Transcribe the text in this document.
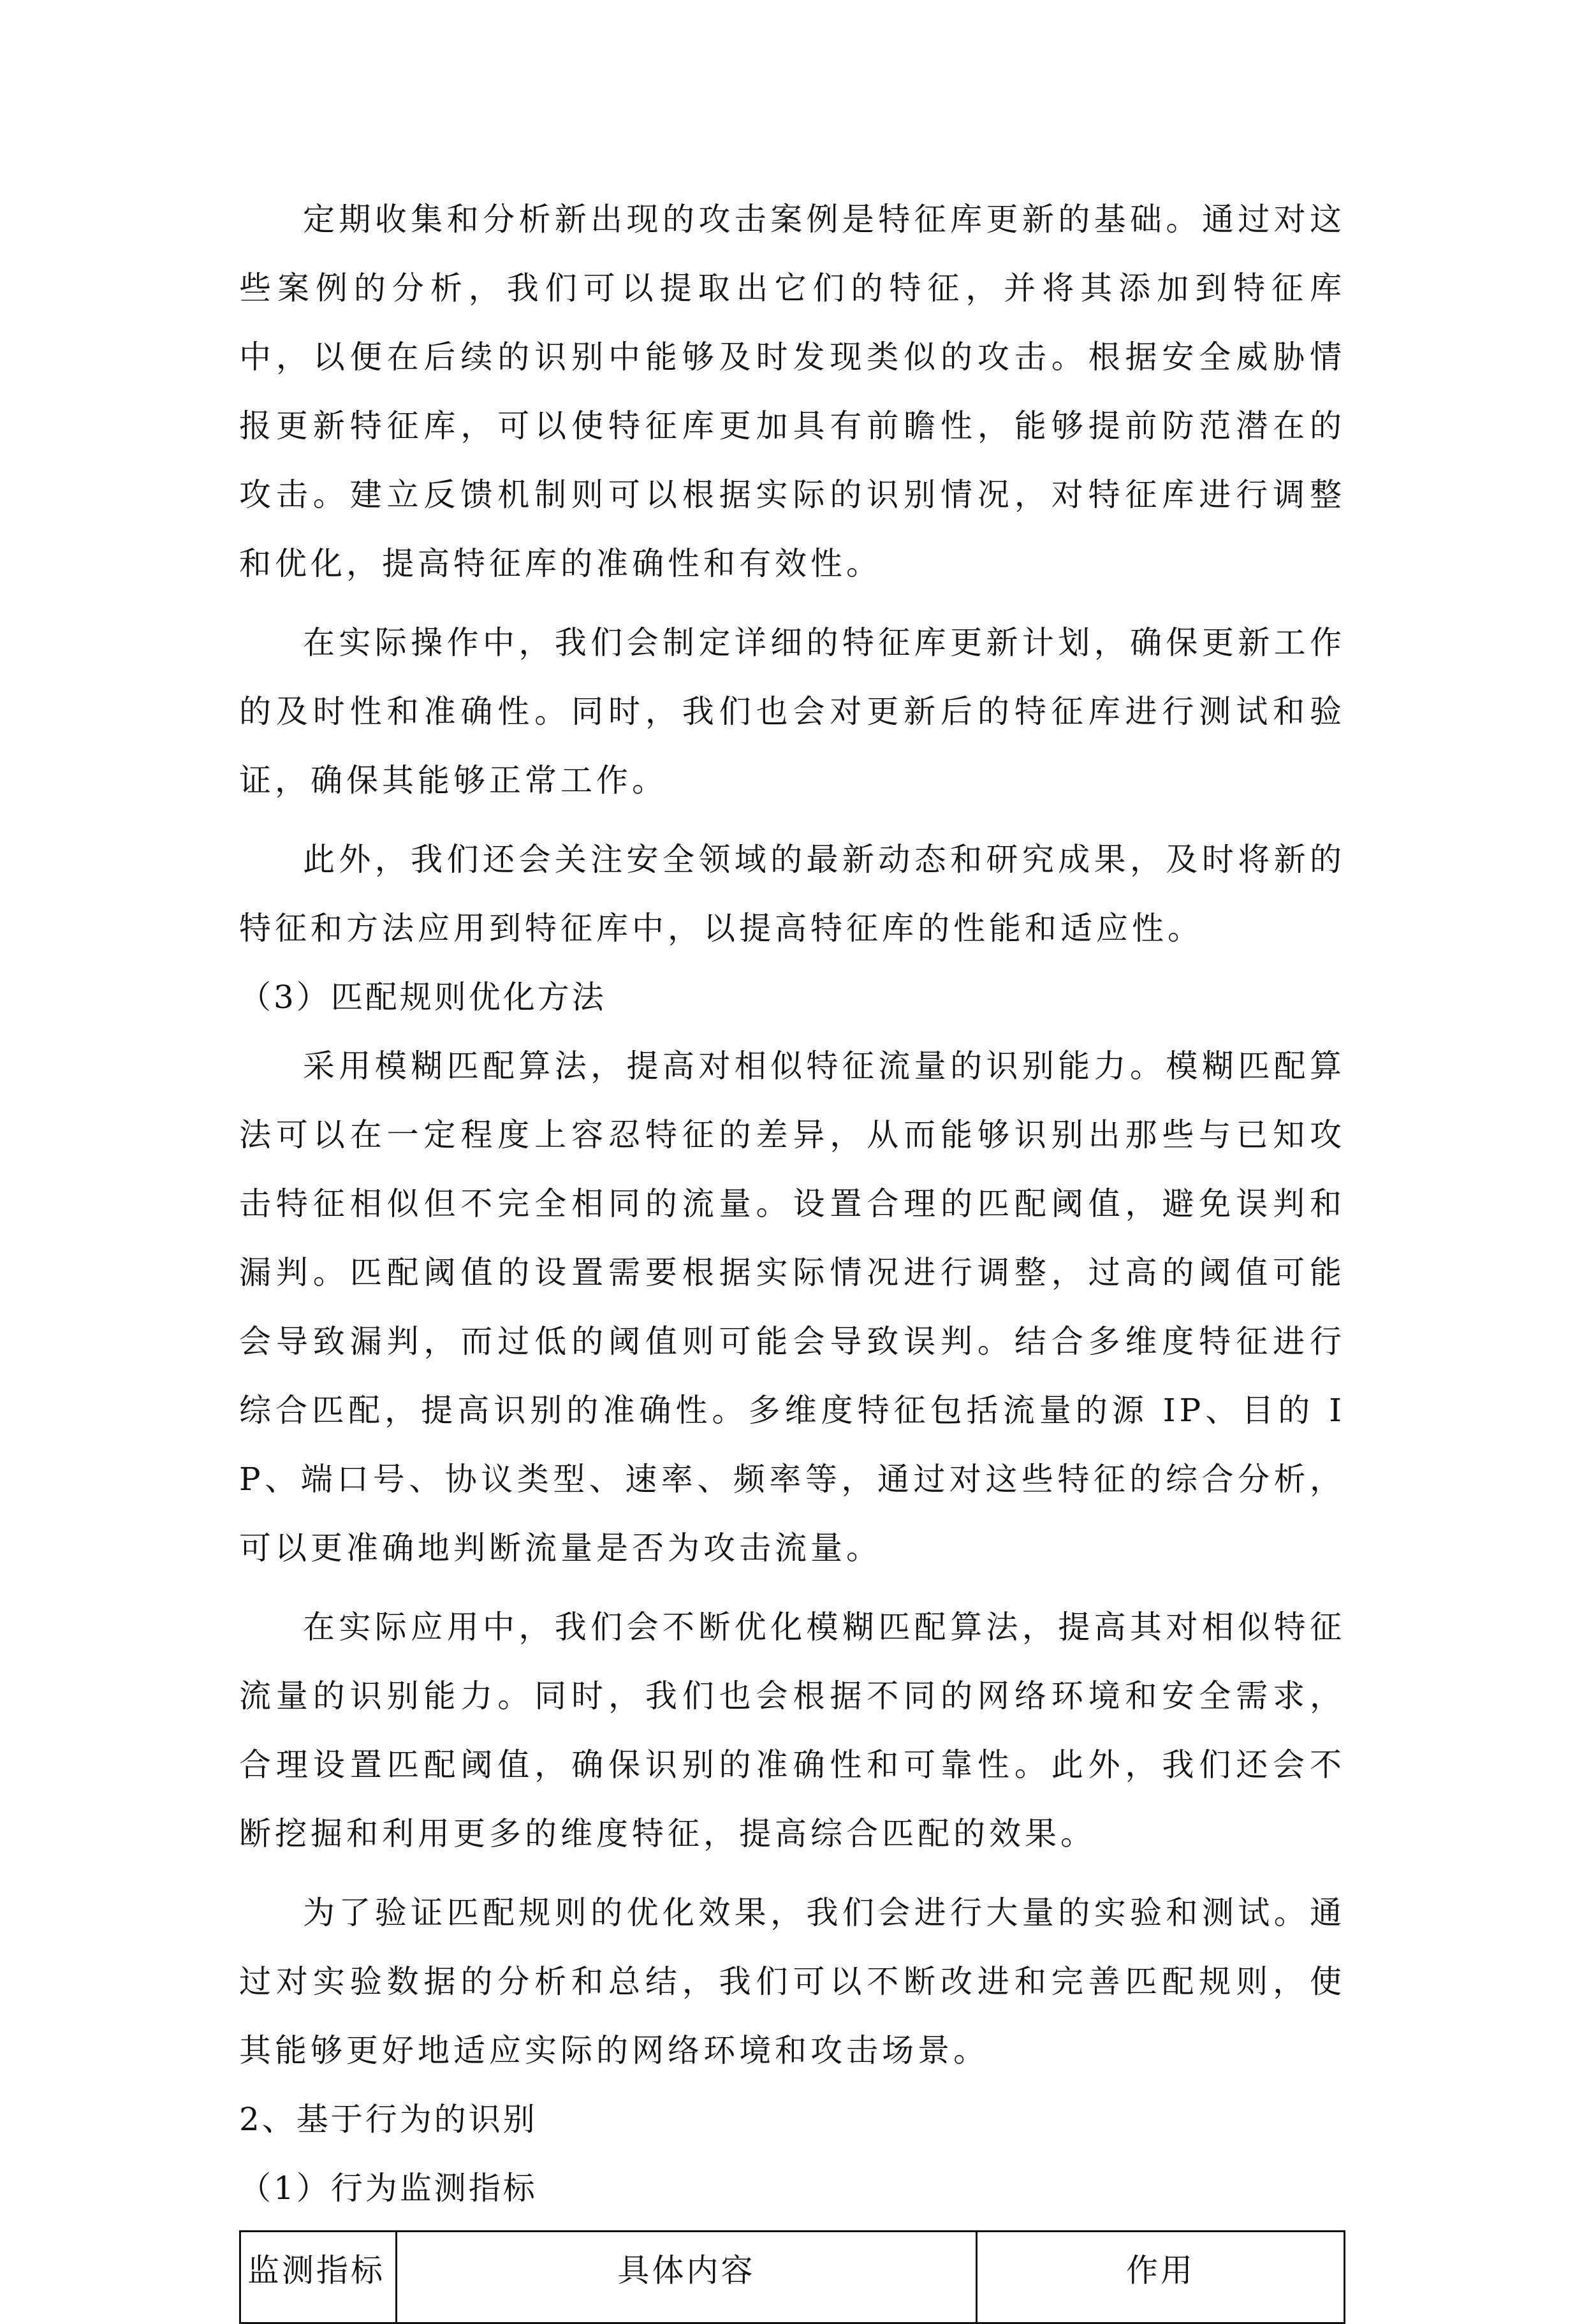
定期收集和分析新出现的攻击案例是特征库更新的基础。通过对这些案例的分析，我们可以提取出它们的特征，并将其添加到特征库中，以便在后续的识别中能够及时发现类似的攻击。根据安全威胁情报更新特征库，可以使特征库更加具有前瞻性，能够提前防范潜在的攻击。建立反馈机制则可以根据实际的识别情况，对特征库进行调整和优化，提高特征库的准确性和有效性。

在实际操作中，我们会制定详细的特征库更新计划，确保更新工作的及时性和准确性。同时，我们也会对更新后的特征库进行测试和验证，确保其能够正常工作。

此外，我们还会关注安全领域的最新动态和研究成果，及时将新的特征和方法应用到特征库中，以提高特征库的性能和适应性。

（3）匹配规则优化方法

采用模糊匹配算法，提高对相似特征流量的识别能力。模糊匹配算法可以在一定程度上容忍特征的差异，从而能够识别出那些与已知攻击特征相似但不完全相同的流量。设置合理的匹配阈值，避免误判和漏判。匹配阈值的设置需要根据实际情况进行调整，过高的阈值可能会导致漏判，而过低的阈值则可能会导致误判。结合多维度特征进行综合匹配，提高识别的准确性。多维度特征包括流量的源 IP、目的 IP、端口号、协议类型、速率、频率等，通过对这些特征的综合分析，可以更准确地判断流量是否为攻击流量。

在实际应用中，我们会不断优化模糊匹配算法，提高其对相似特征流量的识别能力。同时，我们也会根据不同的网络环境和安全需求，合理设置匹配阈值，确保识别的准确性和可靠性。此外，我们还会不断挖掘和利用更多的维度特征，提高综合匹配的效果。

为了验证匹配规则的优化效果，我们会进行大量的实验和测试。通过对实验数据的分析和总结，我们可以不断改进和完善匹配规则，使其能够更好地适应实际的网络环境和攻击场景。

2、基于行为的识别

（1）行为监测指标

监测指标	具体内容	作用
